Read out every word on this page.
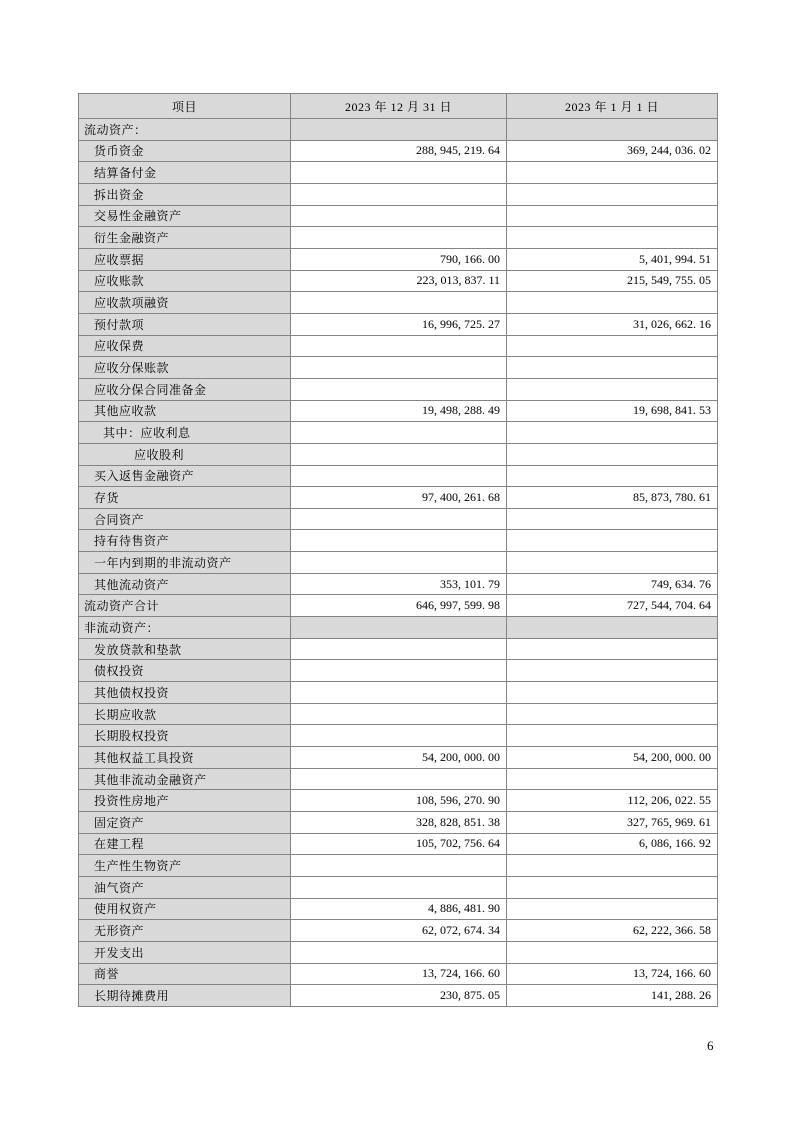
项目	2023 年 12 月 31 日	2023 年 1 月 1 日
流动资产：		
货币资金	288, 945, 219. 64	369, 244, 036. 02
结算备付金		
拆出资金		
交易性金融资产		
衍生金融资产		
应收票据	790, 166. 00	5, 401, 994. 51
应收账款	223, 013, 837. 11	215, 549, 755. 05
应收款项融资		
预付款项	16, 996, 725. 27	31, 026, 662. 16
应收保费		
应收分保账款		
应收分保合同准备金		
其他应收款	19, 498, 288. 49	19, 698, 841. 53
其中：应收利息		
应收股利		
买入返售金融资产		
存货	97, 400, 261. 68	85, 873, 780. 61
合同资产		
持有待售资产		
一年内到期的非流动资产		
其他流动资产	353, 101. 79	749, 634. 76
流动资产合计	646, 997, 599. 98	727, 544, 704. 64
非流动资产：		
发放贷款和垫款		
债权投资		
其他债权投资		
长期应收款		
长期股权投资		
其他权益工具投资	54, 200, 000. 00	54, 200, 000. 00
其他非流动金融资产		
投资性房地产	108, 596, 270. 90	112, 206, 022. 55
固定资产	328, 828, 851. 38	327, 765, 969. 61
在建工程	105, 702, 756. 64	6, 086, 166. 92
生产性生物资产		
油气资产		
使用权资产	4, 886, 481. 90	
无形资产	62, 072, 674. 34	62, 222, 366. 58
开发支出		
商誉	13, 724, 166. 60	13, 724, 166. 60
长期待摊费用	230, 875. 05	141, 288. 26
6
